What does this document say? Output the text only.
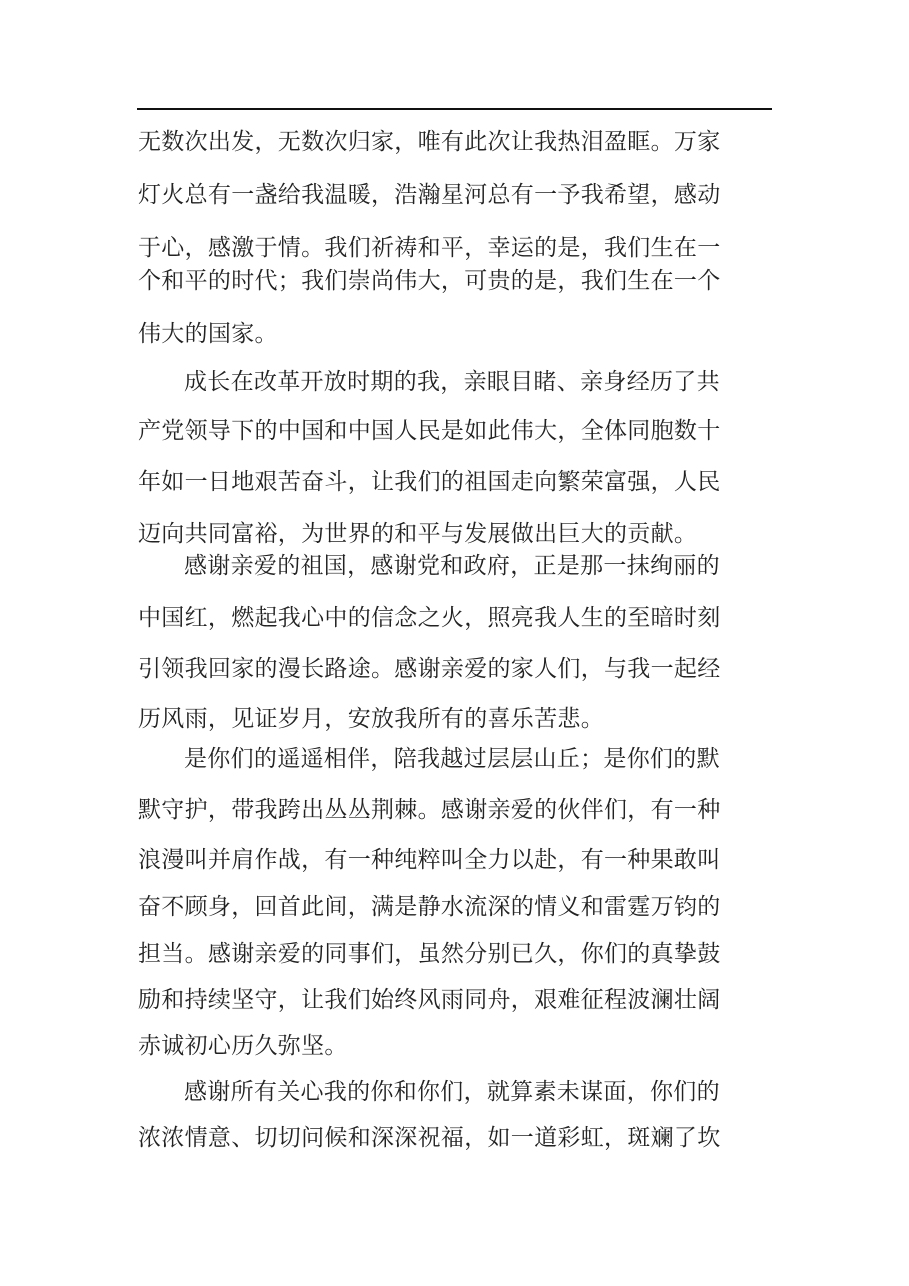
无数次出发，无数次归家，唯有此次让我热泪盈眶。万家
灯火总有一盏给我温暖，浩瀚星河总有一予我希望，感动
于心，感激于情。我们祈祷和平，幸运的是，我们生在一
个和平的时代；我们崇尚伟大，可贵的是，我们生在一个
伟大的国家。
成长在改革开放时期的我，亲眼目睹、亲身经历了共
产党领导下的中国和中国人民是如此伟大，全体同胞数十
年如一日地艰苦奋斗，让我们的祖国走向繁荣富强，人民
迈向共同富裕，为世界的和平与发展做出巨大的贡献。
感谢亲爱的祖国，感谢党和政府，正是那一抹绚丽的
中国红，燃起我心中的信念之火，照亮我人生的至暗时刻
引领我回家的漫长路途。感谢亲爱的家人们，与我一起经
历风雨，见证岁月，安放我所有的喜乐苦悲。
是你们的遥遥相伴，陪我越过层层山丘；是你们的默
默守护，带我跨出丛丛荆棘。感谢亲爱的伙伴们，有一种
浪漫叫并肩作战，有一种纯粹叫全力以赴，有一种果敢叫
奋不顾身，回首此间，满是静水流深的情义和雷霆万钧的
担当。感谢亲爱的同事们，虽然分别已久，你们的真挚鼓
励和持续坚守，让我们始终风雨同舟，艰难征程波澜壮阔
赤诚初心历久弥坚。
感谢所有关心我的你和你们，就算素未谋面，你们的
浓浓情意、切切问候和深深祝福，如一道彩虹，斑斓了坎
